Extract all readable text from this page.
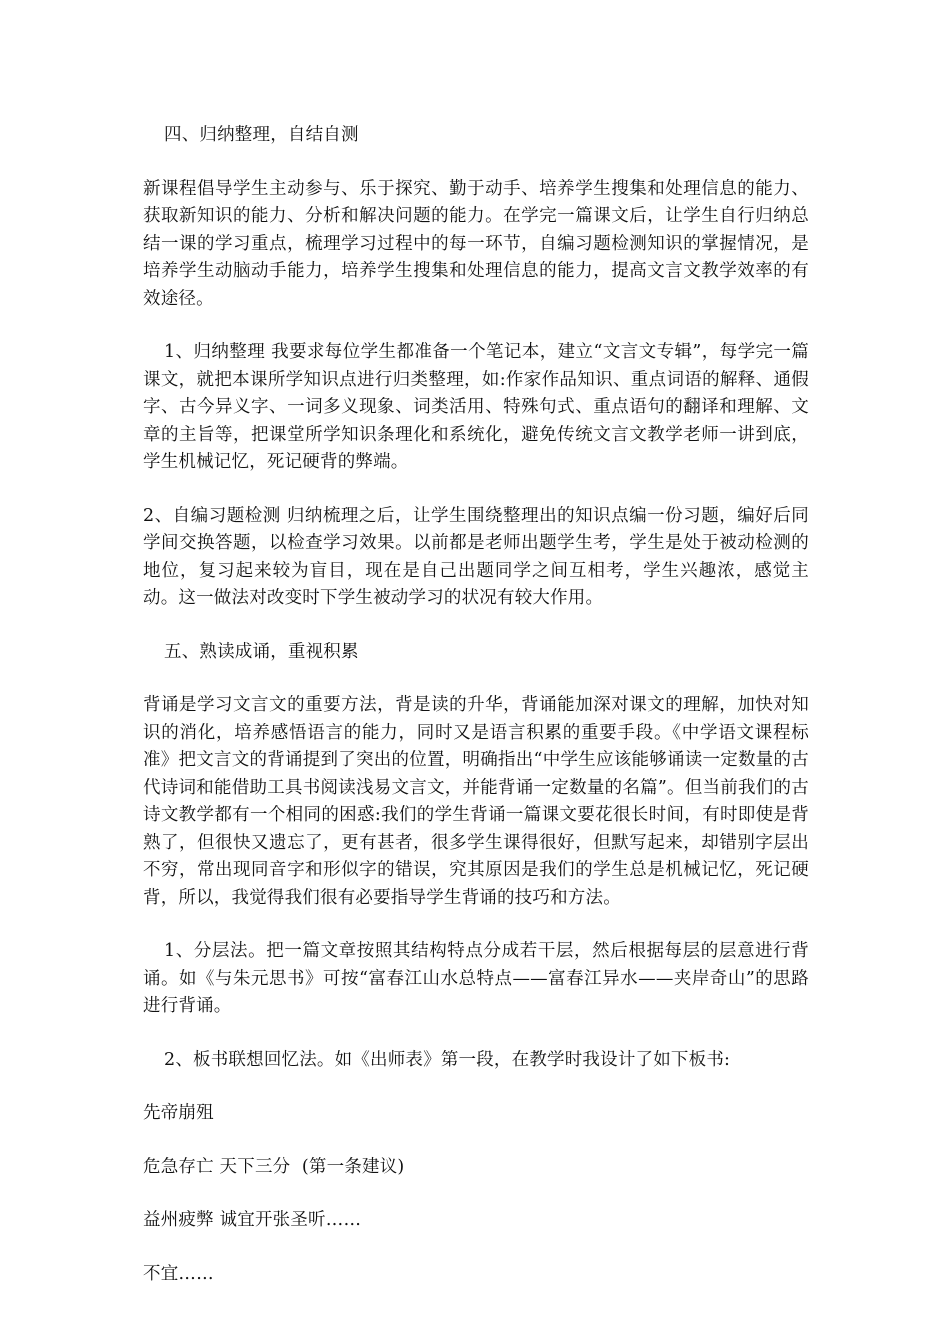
四、归纳整理，自结自测

新课程倡导学生主动参与、乐于探究、勤于动手、培养学生搜集和处理信息的能力、获取新知识的能力、分析和解决问题的能力。在学完一篇课文后，让学生自行归纳总结一课的学习重点，梳理学习过程中的每一环节，自编习题检测知识的掌握情况，是培养学生动脑动手能力，培养学生搜集和处理信息的能力，提高文言文教学效率的有效途径。

1、归纳整理 我要求每位学生都准备一个笔记本，建立“文言文专辑”，每学完一篇课文，就把本课所学知识点进行归类整理，如:作家作品知识、重点词语的解释、通假字、古今异义字、一词多义现象、词类活用、特殊句式、重点语句的翻译和理解、文章的主旨等，把课堂所学知识条理化和系统化，避免传统文言文教学老师一讲到底，学生机械记忆，死记硬背的弊端。

2、自编习题检测 归纳梳理之后，让学生围绕整理出的知识点编一份习题，编好后同学间交换答题，以检查学习效果。以前都是老师出题学生考，学生是处于被动检测的地位，复习起来较为盲目，现在是自己出题同学之间互相考，学生兴趣浓，感觉主动。这一做法对改变时下学生被动学习的状况有较大作用。

五、熟读成诵，重视积累

背诵是学习文言文的重要方法，背是读的升华，背诵能加深对课文的理解，加快对知识的消化，培养感悟语言的能力，同时又是语言积累的重要手段。《中学语文课程标准》把文言文的背诵提到了突出的位置，明确指出“中学生应该能够诵读一定数量的古代诗词和能借助工具书阅读浅易文言文，并能背诵一定数量的名篇”。但当前我们的古诗文教学都有一个相同的困惑:我们的学生背诵一篇课文要花很长时间，有时即使是背熟了，但很快又遗忘了，更有甚者，很多学生课得很好，但默写起来，却错别字层出不穷，常出现同音字和形似字的错误，究其原因是我们的学生总是机械记忆，死记硬背，所以，我觉得我们很有必要指导学生背诵的技巧和方法。

1、分层法。把一篇文章按照其结构特点分成若干层，然后根据每层的层意进行背诵。如《与朱元思书》可按“富春江山水总特点——富春江异水——夹岸奇山”的思路进行背诵。

2、板书联想回忆法。如《出师表》第一段，在教学时我设计了如下板书:

先帝崩殂

危急存亡 天下三分  (第一条建议)

益州疲弊 诚宜开张圣听……

不宜……
